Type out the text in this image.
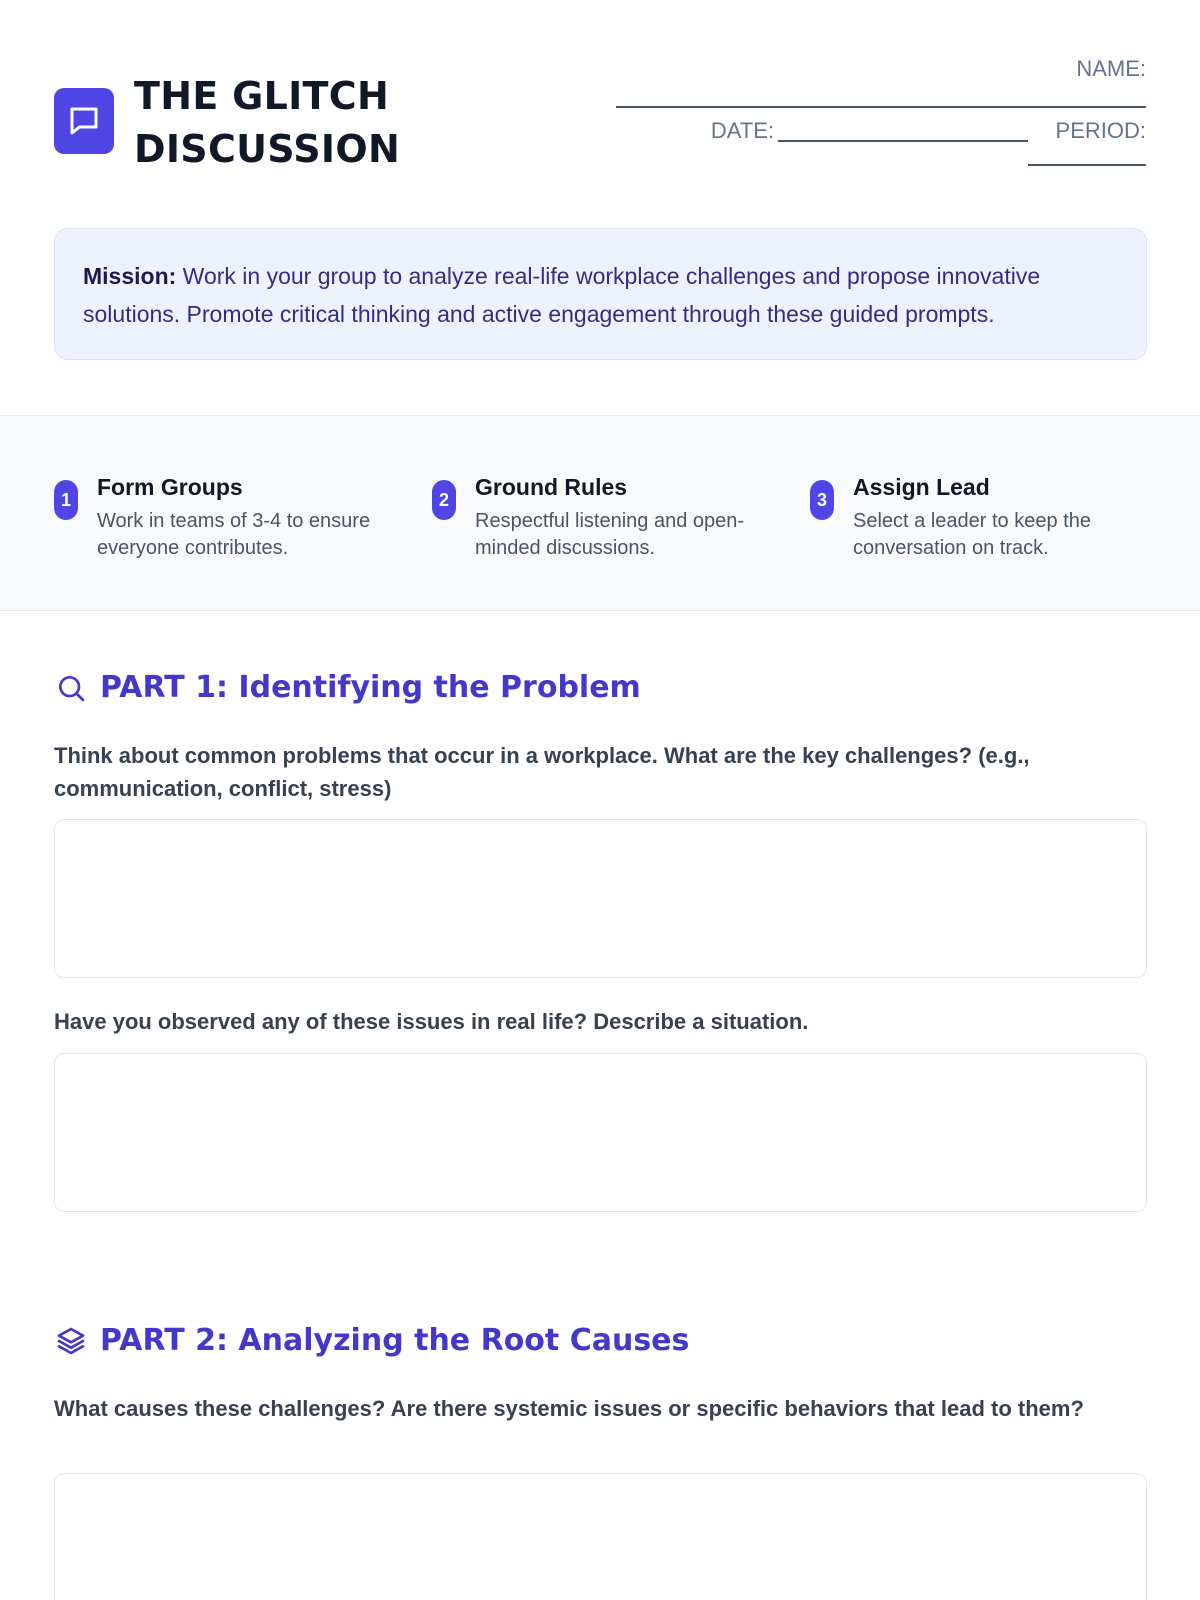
THE GLITCH
DISCUSSION
NAME:
DATE:	PERIOD:
Mission: Work in your group to analyze real-life workplace challenges and propose innovative solutions. Promote critical thinking and active engagement through these guided prompts.
1	Form Groups
Work in teams of 3-4 to ensure everyone contributes.
2	Ground Rules
Respectful listening and open-minded discussions.
3	Assign Lead
Select a leader to keep the conversation on track.
PART 1: Identifying the Problem
Think about common problems that occur in a workplace. What are the key challenges? (e.g., communication, conflict, stress)
Have you observed any of these issues in real life? Describe a situation.
PART 2: Analyzing the Root Causes
What causes these challenges? Are there systemic issues or specific behaviors that lead to them?
